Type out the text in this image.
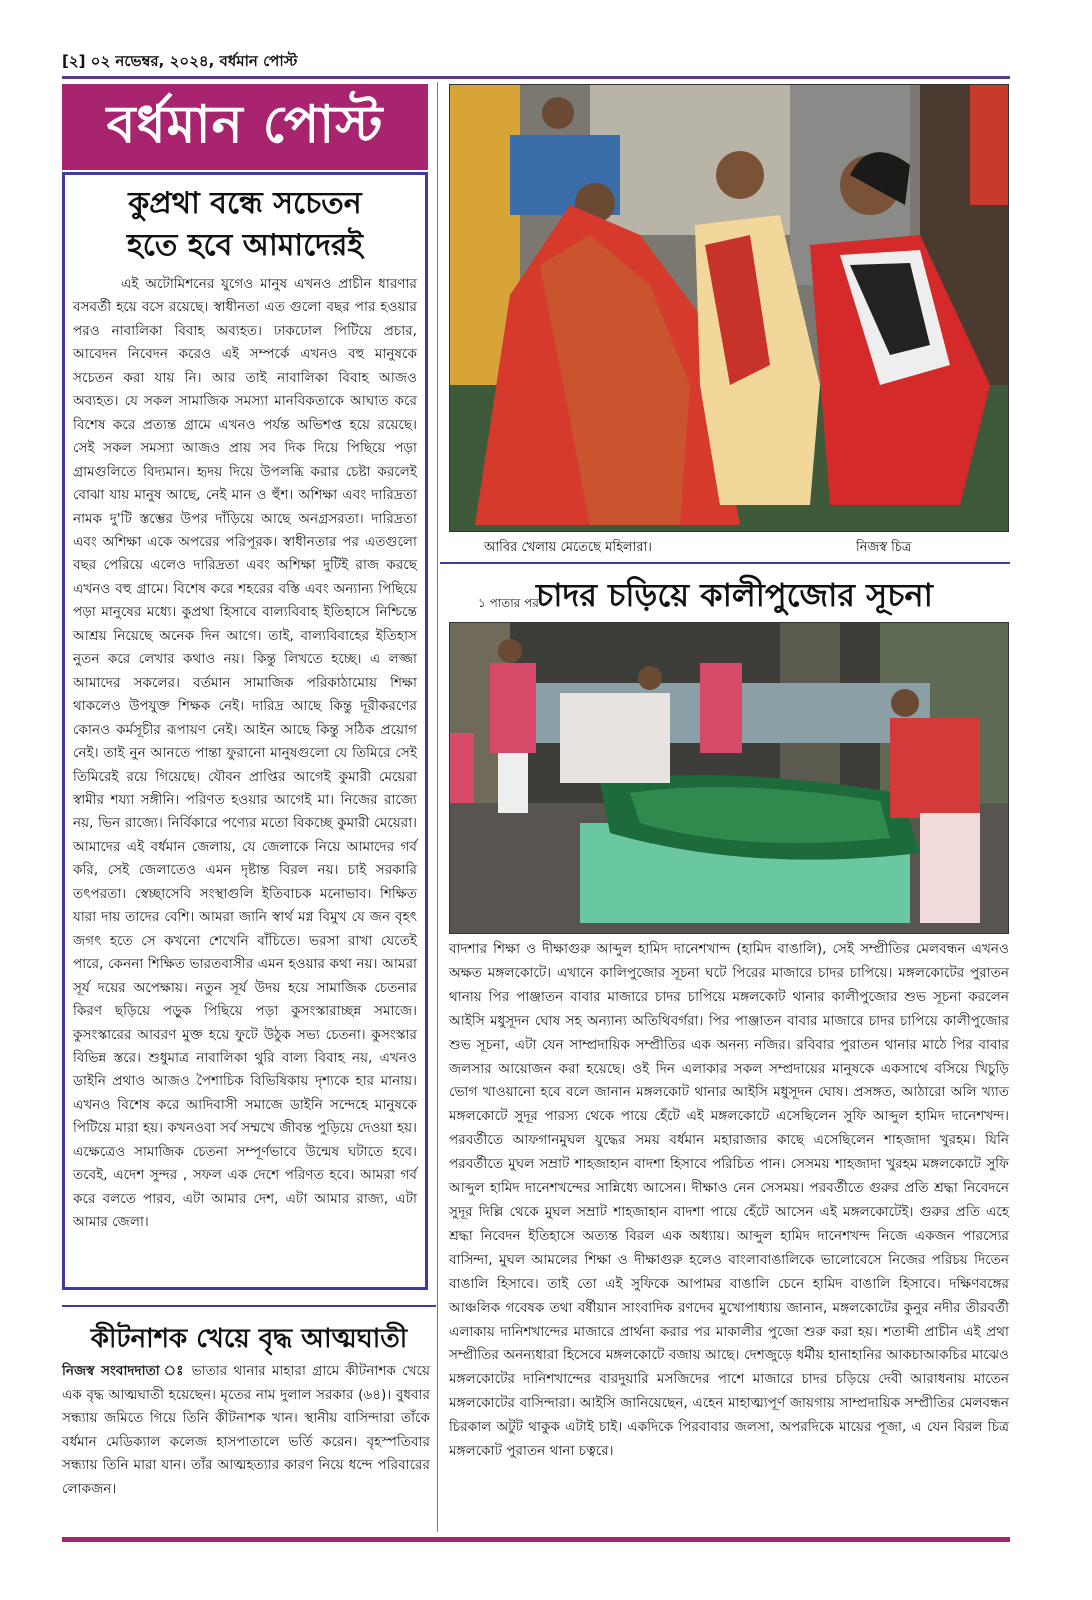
[২] ০২ নভেম্বর, ২০২৪, বর্ধমান পোস্ট
বর্ধমান পোস্ট
কুপ্রথা বন্ধে সচেতন
হতে হবে আমাদেরই

এই অটোমিশনের যুগেও মানুষ এখনও প্রাচীন ধারণার বসবর্তী হয়ে বসে রয়েছে। স্বাধীনতা এত গুলো বছর পার হওয়ার পরও নাবালিকা বিবাহ অব্যহত। ঢাকঢোল পিটিয়ে প্রচার, আবেদন নিবেদন করেও এই সম্পর্কে এখনও বহু মানুষকে সচেতন করা যায় নি। আর তাই নাবালিকা বিবাহ আজও অব্যহত। যে সকল সামাজিক সমস্যা মানবিকতাকে আঘাত করে বিশেষ করে প্রত্যন্ত গ্রামে এখনও পর্যন্ত অভিশপ্ত হয়ে রয়েছে। সেই সকল সমস্যা আজও প্রায় সব দিক দিয়ে পিছিয়ে পড়া গ্রামগুলিতে বিদ্যমান। হৃদয় দিয়ে উপলব্ধি করার চেষ্টা করলেই বোঝা যায় মানুষ আছে, নেই মান ও হুঁশ। অশিক্ষা এবং দারিদ্রতা নামক দু'টি স্তম্ভের উপর দাঁড়িয়ে আছে অনগ্রসরতা। দারিদ্রতা এবং অশিক্ষা একে অপরের পরিপূরক। স্বাধীনতার পর এতগুলো বছর পেরিয়ে এলেও দারিদ্রতা এবং অশিক্ষা দুটিই রাজ করছে এখনও বহু গ্রামে। বিশেষ করে শহরের বস্তি এবং অন্যান্য পিছিয়ে পড়া মানুষের মধ্যে। কুপ্রথা হিসাবে বাল্যবিবাহ ইতিহাসে নিশ্চিন্তে আশ্রয় নিয়েছে অনেক দিন আগে। তাই, বাল্যবিবাহের ইতিহাস নুতন করে লেখার কথাও নয়। কিন্তু লিখতে হচ্ছে। এ লজ্জা আমাদের সকলের। বর্তমান সামাজিক পরিকাঠামোয় শিক্ষা থাকলেও উপযুক্ত শিক্ষক নেই। দারিদ্র আছে কিন্তু দূরীকরণের কোনও কর্মসূচীর রূপায়ণ নেই। আইন আছে কিন্তু সঠিক প্রয়োগ নেই। তাই নুন আনতে পান্তা ফুরানো মানুষগুলো যে তিমিরে সেই তিমিরেই রয়ে গিয়েছে। যৌবন প্রাপ্তির আগেই কুমারী মেয়েরা স্বামীর শয্যা সঙ্গীনি। পরিণত হওয়ার আগেই মা। নিজের রাজ্যে নয়, ভিন রাজ্যে। নির্বিকারে পণ্যের মতো বিকচ্ছে কুমারী মেয়েরা। আমাদের এই বর্ধমান জেলায়, যে জেলাকে নিয়ে আমাদের গর্ব করি, সেই জেলাতেও এমন দৃষ্টান্ত বিরল নয়। চাই সরকারি তৎপরতা। স্বেচ্ছাসেবি সংস্থাগুলি ইতিবাচক মনোভাব। শিক্ষিত যারা দায় তাদের বেশি। আমরা জানি স্বার্থ মগ্ন বিমুখ যে জন বৃহৎ জগৎ হতে সে কখনো শেখেনি বাঁচিতে। ভরসা রাখা যেতেই পারে, কেননা শিক্ষিত ভারতবাসীর এমন হওয়ার কথা নয়। আমরা সূর্য দয়ের অপেক্ষায়। নতুন সূর্য উদয় হয়ে সামাজিক চেতনার কিরণ ছড়িয়ে পড়ুক পিছিয়ে পড়া কুসংস্কারাচ্ছন্ন সমাজে। কুসংস্কারের আবরণ মুক্ত হয়ে ফুটে উঠুক সভ্য চেতনা। কুসংস্কার বিভিন্ন স্তরে। শুধুমাত্র নাবালিকা থুরি বাল্য বিবাহ নয়, এখনও ডাইনি প্রথাও আজও পৈশাচিক বিভিষিকায় দৃশ্যকে হার মানায়। এখনও বিশেষ করে আদিবাসী সমাজে ডাইনি সন্দেহে মানুষকে পিটিয়ে মারা হয়। কখনওবা সর্ব সম্মখে জীবন্ত পুড়িয়ে দেওয়া হয়। এক্ষেত্রেও সামাজিক চেতনা সম্পূর্ণভাবে উন্মেষ ঘটাতে হবে। তবেই, এদেশ সুন্দর , সফল এক দেশে পরিণত হবে। আমরা গর্ব করে বলতে পারব, এটা আমার দেশ, এটা আমার রাজ্য, এটা আমার জেলা।

কীটনাশক খেয়ে বৃদ্ধ আত্মঘাতী
নিজস্ব সংবাদদাতা ঃ ভাতার থানার মাহারা গ্রামে কীটনাশক খেয়ে এক বৃদ্ধ আত্মঘাতী হয়েছেন। মৃতের নাম দুলাল সরকার (৬৪)। বুধবার সন্ধ্যায় জমিতে গিয়ে তিনি কীটনাশক খান। স্থানীয় বাসিন্দারা তাঁকে বর্ধমান মেডিক্যাল কলেজ হাসপাতালে ভর্তি করেন। বৃহস্পতিবার সন্ধ্যায় তিনি মারা যান। তাঁর আত্মহত্যার কারণ নিয়ে ধন্দে পরিবারের লোকজন।
আবির খেলায় মেতেছে মহিলারা।	নিজস্ব চিত্র
১ পাতার পর
চাদর চড়িয়ে কালীপুজোর সূচনা
বাদশার শিক্ষা ও দীক্ষাগুরু আব্দুল হামিদ দানেশখান্দ (হামিদ বাঙালি), সেই সম্প্রীতির মেলবন্ধন এখনও অক্ষত মঙ্গলকোটে। এখানে কালিপুজোর সূচনা ঘটে পিরের মাজারে চাদর চাপিয়ে। মঙ্গলকোটের পুরাতন থানায় পির পাঞ্জাতন বাবার মাজারে চাদর চাপিয়ে মঙ্গলকোট থানার কালীপুজোর শুভ সূচনা করলেন আইসি মধুসূদন ঘোষ সহ অন্যান্য অতিথিবর্গরা। পির পাঞ্জাতন বাবার মাজারে চাদর চাপিয়ে কালীপুজোর শুভ সূচনা, এটা যেন সাম্প্রদায়িক সম্প্রীতির এক অনন্য নজির। রবিবার পুরাতন থানার মাঠে পির বাবার জলসার আয়োজন করা হয়েছে। ওই দিন এলাকার সকল সম্প্রদায়ের মানুষকে একসাথে বসিয়ে খিচুড়ি ভোগ খাওয়ানো হবে বলে জানান মঙ্গলকোট থানার আইসি মধুসূদন ঘোষ। প্রসঙ্গত, আঠারো অলি খ্যাত মঙ্গলকোটে সুদূর পারস্য থেকে পায়ে হেঁটে এই মঙ্গলকোটে এসেছিলেন সুফি আব্দুল হামিদ দানেশখন্দ। পরবর্তীতে আফগানমুঘল যুদ্ধের সময় বর্ধমান মহারাজার কাছে এসেছিলেন শাহজাদা খুরহম। যিনি পরবর্তীতে মুঘল সম্রাট শাহজাহান বাদশা হিসাবে পরিচিত পান। সেসময় শাহজাদা খুরহম মঙ্গলকোটে সুফি আব্দুল হামিদ দানেশখন্দের সান্নিধ্যে আসেন। দীক্ষাও নেন সেসময়। পরবর্তীতে গুরুর প্রতি শ্রদ্ধা নিবেদনে সুদূর দিল্লি থেকে মুঘল সম্রাট শাহজাহান বাদশা পায়ে হেঁটে আসেন এই মঙ্গলকোটেই। গুরুর প্রতি এহে শ্রদ্ধা নিবেদন ইতিহাসে অত্যন্ত বিরল এক অধ্যায়। আব্দুল হামিদ দানেশখন্দ নিজে একজন পারস্যের বাসিন্দা, মুঘল আমলের শিক্ষা ও দীক্ষাগুরু হলেও বাংলাবাঙালিকে ভালোবেসে নিজের পরিচয় দিতেন বাঙালি হিসাবে। তাই তো এই সুফিকে আপামর বাঙালি চেনে হামিদ বাঙালি হিসাবে। দক্ষিণবঙ্গের আঞ্চলিক গবেষক তথা বর্ষীয়ান সাংবাদিক রণদেব মুখোপাধ্যায় জানান, মঙ্গলকোটের কুনুর নদীর তীরবর্তী এলাকায় দানিশখান্দের মাজারে প্রার্থনা করার পর মাকালীর পুজো শুরু করা হয়। শতাব্দী প্রাচীন এই প্রথা সম্প্রীতির অনন্যধারা হিসেবে মঙ্গলকোটে বজায় আছে। দেশজুড়ে ধর্মীয় হানাহানির আকচাআকচির মাঝেও মঙ্গলকোটের দানিশখান্দের বারদুয়ারি মসজিদের পাশে মাজারে চাদর চড়িয়ে দেবী আরাধনায় মাতেন মঙ্গলকোটের বাসিন্দারা। আইসি জানিয়েছেন, এহেন মাহাত্ম্যপূর্ণ জায়গায় সাম্প্রদায়িক সম্প্রীতির মেলবন্ধন চিরকাল অটুট থাকুক এটাই চাই। একদিকে পিরবাবার জলসা, অপরদিকে মায়ের পূজা, এ যেন বিরল চিত্র মঙ্গলকোট পুরাতন থানা চত্বরে।
